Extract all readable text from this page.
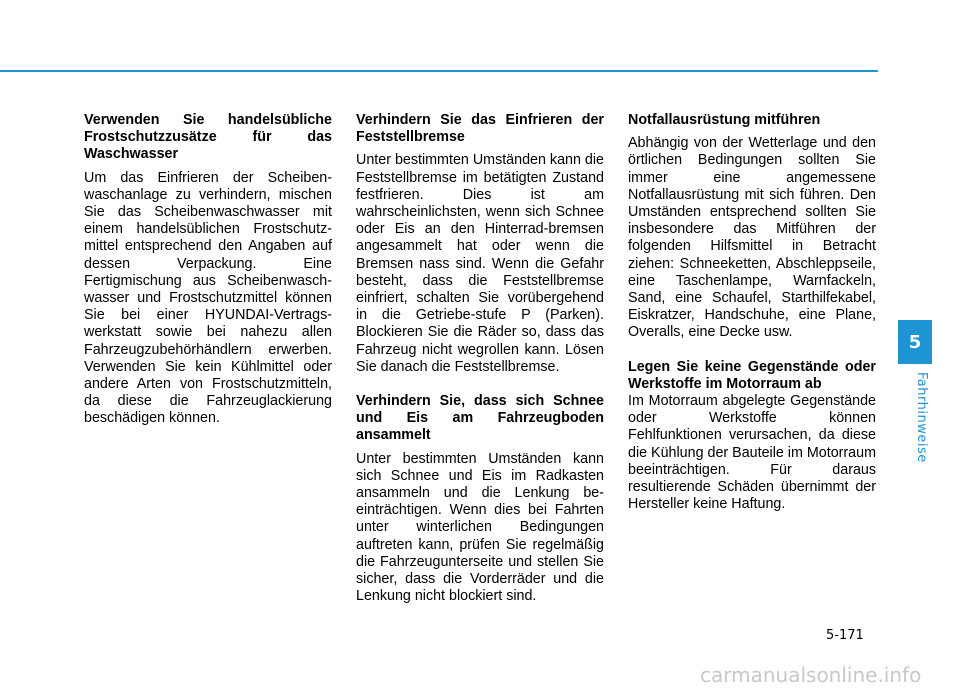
Verwenden Sie handelsübliche Frostschutzzusätze für das Waschwasser

Um das Einfrieren der Scheiben-waschanlage zu verhindern, mischen Sie das Scheibenwaschwasser mit einem handelsüblichen Frostschutz-mittel entsprechend den Angaben auf dessen Verpackung. Eine Fertigmischung aus Scheibenwasch-wasser und Frostschutzmittel können Sie bei einer HYUNDAI-Vertrags-werkstatt sowie bei nahezu allen Fahrzeugzubehörhändlern erwerben. Verwenden Sie kein Kühlmittel oder andere Arten von Frostschutzmitteln, da diese die Fahrzeuglackierung beschädigen können.

Verhindern Sie das Einfrieren der Feststellbremse

Unter bestimmten Umständen kann die Feststellbremse im betätigten Zustand festfrieren. Dies ist am wahrscheinlichsten, wenn sich Schnee oder Eis an den Hinterrad-bremsen angesammelt hat oder wenn die Bremsen nass sind. Wenn die Gefahr besteht, dass die Feststellbremse einfriert, schalten Sie vorübergehend in die Getriebe-stufe P (Parken). Blockieren Sie die Räder so, dass das Fahrzeug nicht wegrollen kann. Lösen Sie danach die Feststellbremse.

Verhindern Sie, dass sich Schnee und Eis am Fahrzeugboden ansammelt

Unter bestimmten Umständen kann sich Schnee und Eis im Radkasten ansammeln und die Lenkung be-einträchtigen. Wenn dies bei Fahrten unter winterlichen Bedingungen auftreten kann, prüfen Sie regelmäßig die Fahrzeugunterseite und stellen Sie sicher, dass die Vorderräder und die Lenkung nicht blockiert sind.

Notfallausrüstung mitführen

Abhängig von der Wetterlage und den örtlichen Bedingungen sollten Sie immer eine angemessene Notfallausrüstung mit sich führen. Den Umständen entsprechend sollten Sie insbesondere das Mitführen der folgenden Hilfsmittel in Betracht ziehen: Schneeketten, Abschleppseile, eine Taschenlampe, Warnfackeln, Sand, eine Schaufel, Starthilfekabel, Eiskratzer, Handschuhe, eine Plane, Overalls, eine Decke usw.

Legen Sie keine Gegenstände oder Werkstoffe im Motorraum ab

Im Motorraum abgelegte Gegenstände oder Werkstoffe können Fehlfunktionen verursachen, da diese die Kühlung der Bauteile im Motorraum beeinträchtigen. Für daraus resultierende Schäden übernimmt der Hersteller keine Haftung.

5
Fahrhinweise
5-171
carmanualsonline.info
